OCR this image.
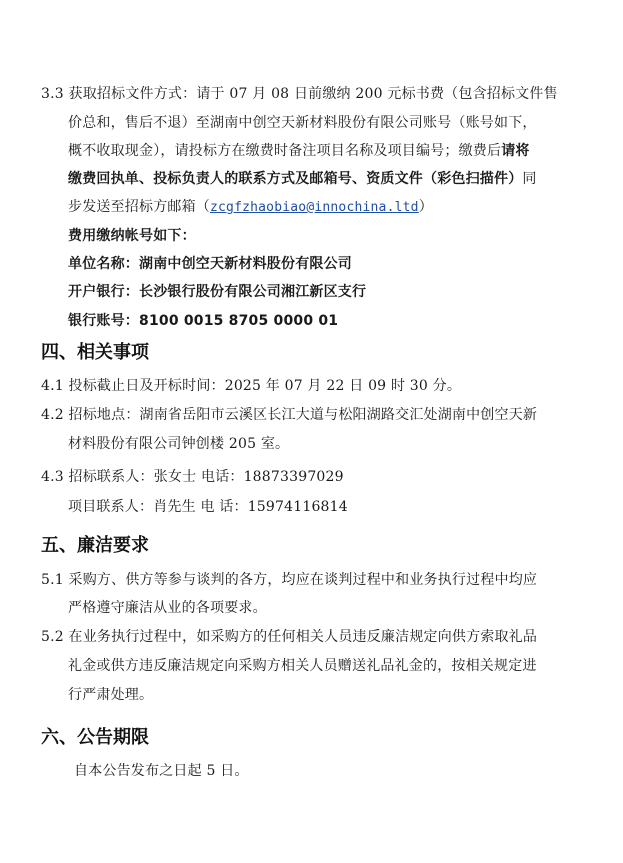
3.3 获取招标文件方式：请于 07 月 08 日前缴纳 200 元标书费（包含招标文件售
价总和，售后不退）至湖南中创空天新材料股份有限公司账号（账号如下，
概不收取现金），请投标方在缴费时备注项目名称及项目编号；缴费后请将
缴费回执单、投标负责人的联系方式及邮箱号、资质文件（彩色扫描件）同
步发送至招标方邮箱（zcgfzhaobiao@innochina.ltd）
费用缴纳帐号如下：
单位名称：湖南中创空天新材料股份有限公司
开户银行：长沙银行股份有限公司湘江新区支行
银行账号：8100 0015 8705 0000 01
四、相关事项
4.1 投标截止日及开标时间：2025 年 07 月 22 日 09 时 30 分。
4.2 招标地点：湖南省岳阳市云溪区长江大道与松阳湖路交汇处湖南中创空天新
材料股份有限公司钟创楼 205 室。
4.3 招标联系人：张女士 电话：18873397029
项目联系人：肖先生 电 话：15974116814
五、廉洁要求
5.1 采购方、供方等参与谈判的各方，均应在谈判过程中和业务执行过程中均应
严格遵守廉洁从业的各项要求。
5.2 在业务执行过程中，如采购方的任何相关人员违反廉洁规定向供方索取礼品
礼金或供方违反廉洁规定向采购方相关人员赠送礼品礼金的，按相关规定进
行严肃处理。
六、公告期限
自本公告发布之日起 5 日。
